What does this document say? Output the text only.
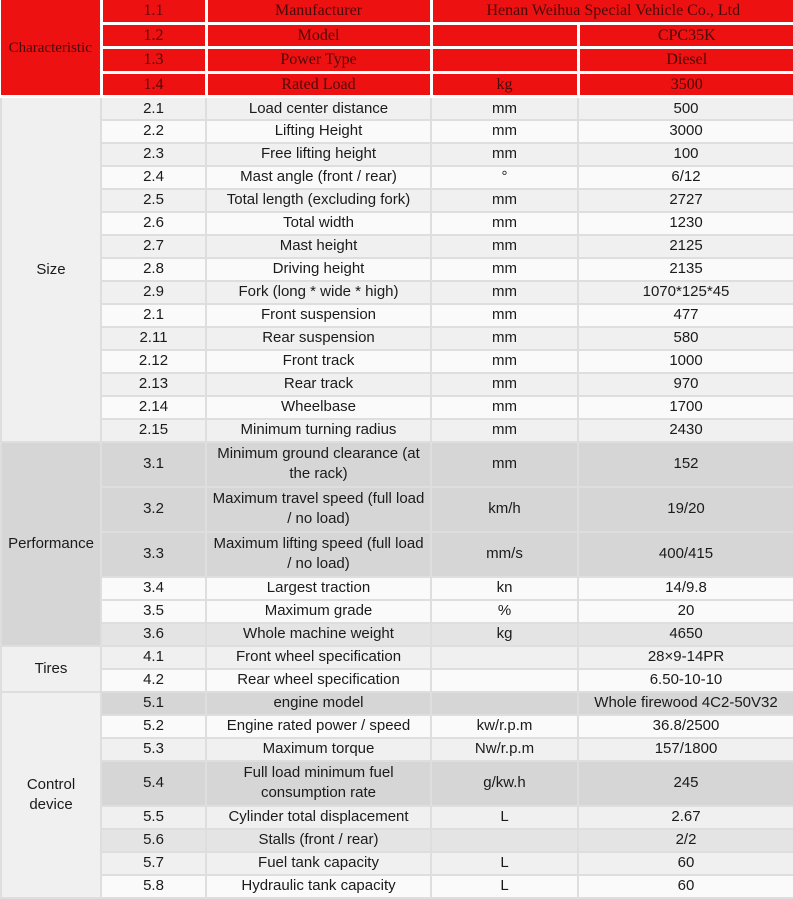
Characteristic	1.1	Manufacturer	Henan Weihua Special Vehicle Co., Ltd	
	1.2	Model		CPC35K
	1.3	Power Type		Diesel
	1.4	Rated Load	kg	3500
Size	2.1	Load center distance	mm	500
	2.2	Lifting Height	mm	3000
	2.3	Free lifting height	mm	100
	2.4	Mast angle (front / rear)	°	6/12
	2.5	Total length (excluding fork)	mm	2727
	2.6	Total width	mm	1230
	2.7	Mast height	mm	2125
	2.8	Driving height	mm	2135
	2.9	Fork (long * wide * high)	mm	1070*125*45
	2.1	Front suspension	mm	477
	2.11	Rear suspension	mm	580
	2.12	Front track	mm	1000
	2.13	Rear track	mm	970
	2.14	Wheelbase	mm	1700
	2.15	Minimum turning radius	mm	2430
Performance	3.1	Minimum ground clearance (at the rack)	mm	152
	3.2	Maximum travel speed (full load / no load)	km/h	19/20
	3.3	Maximum lifting speed (full load / no load)	mm/s	400/415
	3.4	Largest traction	kn	14/9.8
	3.5	Maximum grade	%	20
	3.6	Whole machine weight	kg	4650
Tires	4.1	Front wheel specification		28×9-14PR
	4.2	Rear wheel specification		6.50-10-10
Control device	5.1	engine model		Whole firewood 4C2-50V32
	5.2	Engine rated power / speed	kw/r.p.m	36.8/2500
	5.3	Maximum torque	Nw/r.p.m	157/1800
	5.4	Full load minimum fuel consumption rate	g/kw.h	245
	5.5	Cylinder total displacement	L	2.67
	5.6	Stalls (front / rear)		2/2
	5.7	Fuel tank capacity	L	60
	5.8	Hydraulic tank capacity	L	60
